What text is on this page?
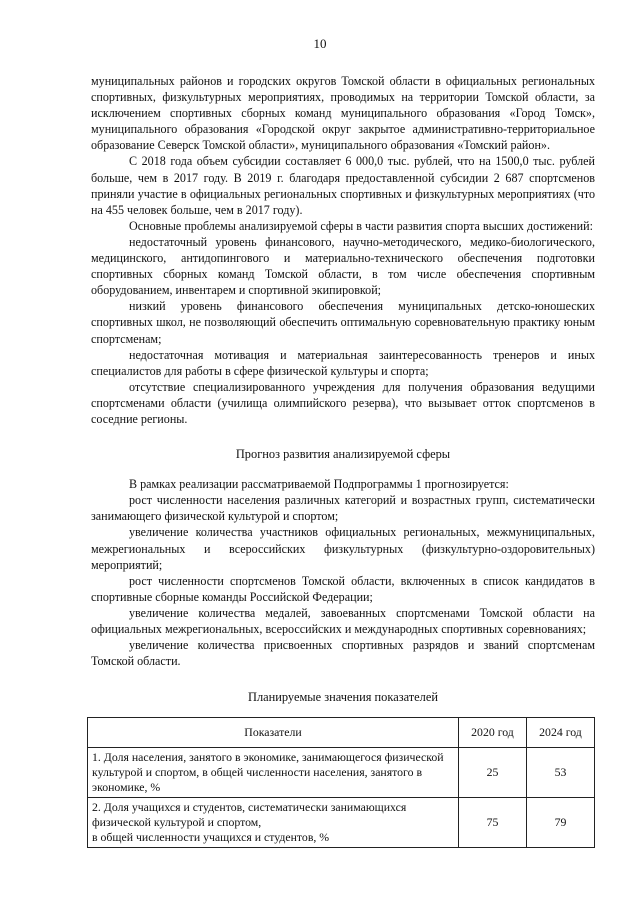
10

муниципальных районов и городских округов Томской области в официальных региональных спортивных, физкультурных мероприятиях, проводимых на территории Томской области, за исключением спортивных сборных команд муниципального образования «Город Томск», муниципального образования «Городской округ закрытое административно-территориальное образование Северск Томской области», муниципального образования «Томский район».

С 2018 года объем субсидии составляет 6 000,0 тыс. рублей, что на 1500,0 тыс. рублей больше, чем в 2017 году. В 2019 г. благодаря предоставленной субсидии 2 687 спортсменов приняли участие в официальных региональных спортивных и физкультурных мероприятиях (что на 455 человек больше, чем в 2017 году).

Основные проблемы анализируемой сферы в части развития спорта высших достижений:

недостаточный уровень финансового, научно-методического, медико-биологического, медицинского, антидопингового и материально-технического обеспечения подготовки спортивных сборных команд Томской области, в том числе обеспечения спортивным оборудованием, инвентарем и спортивной экипировкой;

низкий уровень финансового обеспечения муниципальных детско-юношеских спортивных школ, не позволяющий обеспечить оптимальную соревновательную практику юным спортсменам;

недостаточная мотивация и материальная заинтересованность тренеров и иных специалистов для работы в сфере физической культуры и спорта;

отсутствие специализированного учреждения для получения образования ведущими спортсменами области (училища олимпийского резерва), что вызывает отток спортсменов в соседние регионы.

Прогноз развития анализируемой сферы

В рамках реализации рассматриваемой Подпрограммы 1 прогнозируется:

рост численности населения различных категорий и возрастных групп, систематически занимающего физической культурой и спортом;

увеличение количества участников официальных региональных, межмуниципальных, межрегиональных и всероссийских физкультурных (физкультурно-оздоровительных) мероприятий;

рост численности спортсменов Томской области, включенных в список кандидатов в спортивные сборные команды Российской Федерации;

увеличение количества медалей, завоеванных спортсменами Томской области на официальных межрегиональных, всероссийских и международных спортивных соревнованиях;

увеличение количества присвоенных спортивных разрядов и званий спортсменам Томской области.

Планируемые значения показателей

Показатели	2020 год	2024 год
1. Доля населения, занятого в экономике, занимающегося физической культурой и спортом, в общей численности населения, занятого в экономике, %	25	53
2. Доля учащихся и студентов, систематически занимающихся физической культурой и спортом,
в общей численности учащихся и студентов, %	75	79
